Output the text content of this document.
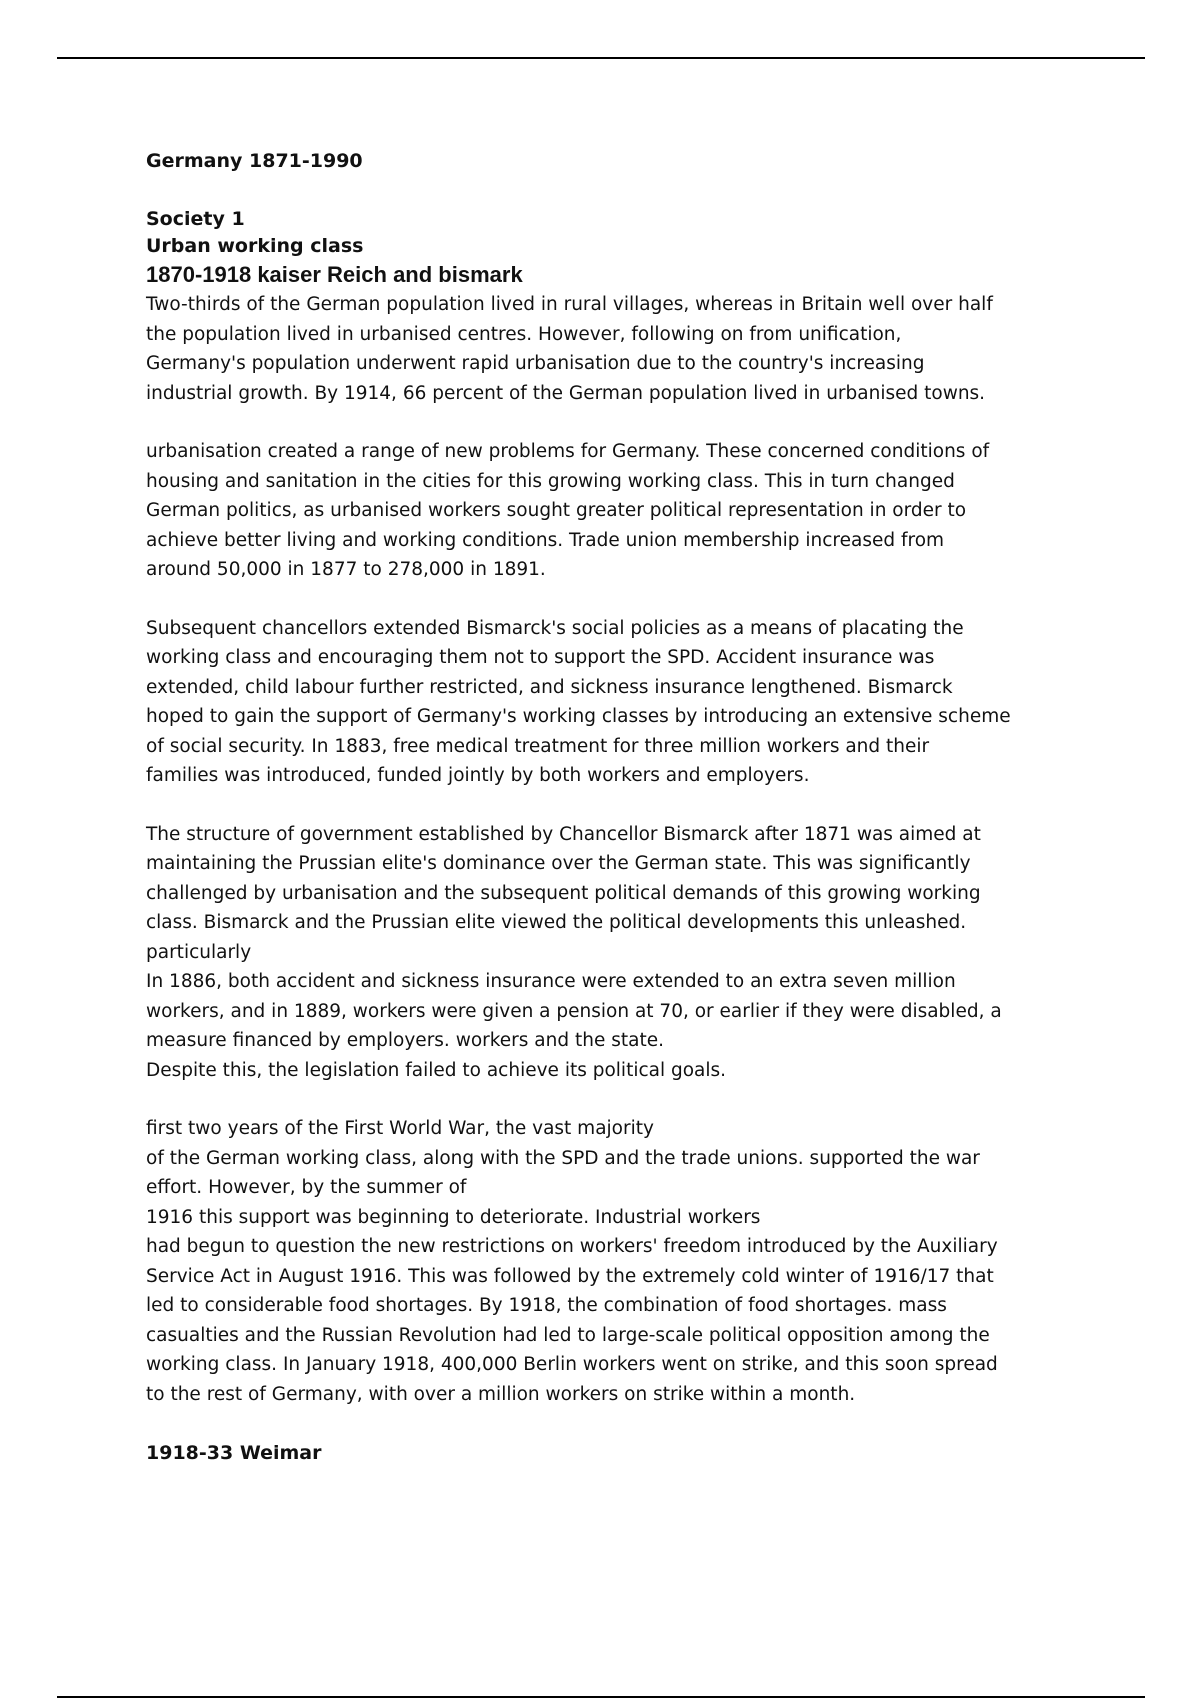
Germany 1871-1990
Society 1
Urban working class
1870-1918 kaiser Reich and bismark

Two-thirds of the German population lived in rural villages, whereas in Britain well over half
the population lived in urbanised centres. However, following on from unification,
Germany's population underwent rapid urbanisation due to the country's increasing
industrial growth. By 1914, 66 percent of the German population lived in urbanised towns.

urbanisation created a range of new problems for Germany. These concerned conditions of
housing and sanitation in the cities for this growing working class. This in turn changed
German politics, as urbanised workers sought greater political representation in order to
achieve better living and working conditions. Trade union membership increased from
around 50,000 in 1877 to 278,000 in 1891.

Subsequent chancellors extended Bismarck's social policies as a means of placating the
working class and encouraging them not to support the SPD. Accident insurance was
extended, child labour further restricted, and sickness insurance lengthened. Bismarck
hoped to gain the support of Germany's working classes by introducing an extensive scheme
of social security. In 1883, free medical treatment for three million workers and their
families was introduced, funded jointly by both workers and employers.

The structure of government established by Chancellor Bismarck after 1871 was aimed at
maintaining the Prussian elite's dominance over the German state. This was significantly
challenged by urbanisation and the subsequent political demands of this growing working
class. Bismarck and the Prussian elite viewed the political developments this unleashed.
particularly
In 1886, both accident and sickness insurance were extended to an extra seven million
workers, and in 1889, workers were given a pension at 70, or earlier if they were disabled, a
measure financed by employers. workers and the state.
Despite this, the legislation failed to achieve its political goals.

first two years of the First World War, the vast majority
of the German working class, along with the SPD and the trade unions. supported the war
effort. However, by the summer of
1916 this support was beginning to deteriorate. Industrial workers
had begun to question the new restrictions on workers' freedom introduced by the Auxiliary
Service Act in August 1916. This was followed by the extremely cold winter of 1916/17 that
led to considerable food shortages. By 1918, the combination of food shortages. mass
casualties and the Russian Revolution had led to large-scale political opposition among the
working class. In January 1918, 400,000 Berlin workers went on strike, and this soon spread
to the rest of Germany, with over a million workers on strike within a month.

1918-33 Weimar
